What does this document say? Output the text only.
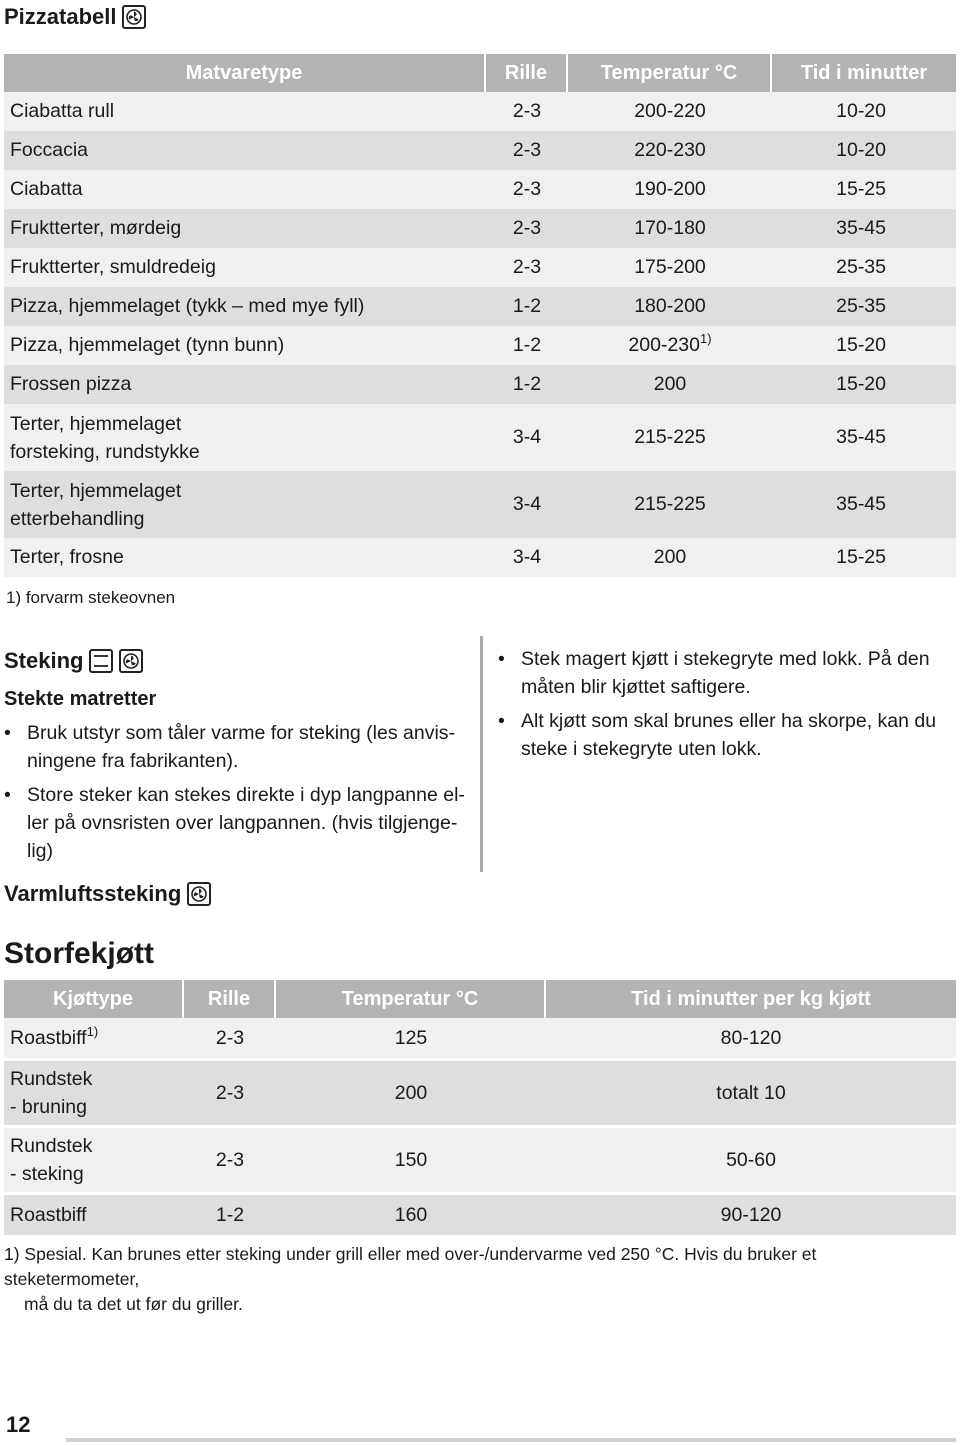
Pizzatabell
Matvaretype	Rille	Temperatur °C	Tid i minutter
Ciabatta rull	2-3	200-220	10-20
Foccacia	2-3	220-230	10-20
Ciabatta	2-3	190-200	15-25
Fruktterter, mørdeig	2-3	170-180	35-45
Fruktterter, smuldredeig	2-3	175-200	25-35
Pizza, hjemmelaget (tykk – med mye fyll)	1-2	180-200	25-35
Pizza, hjemmelaget (tynn bunn)	1-2	200-230$^{1)}$	15-20
Frossen pizza	1-2	200	15-20
Terter, hjemmelaget
forsteking, rundstykke	3-4	215-225	35-45
Terter, hjemmelaget
etterbehandling	3-4	215-225	35-45
Terter, frosne	3-4	200	15-25
1) forvarm stekeovnen
Steking
Stekte matretter
• Bruk utstyr som tåler varme for steking (les anvis-
ningene fra fabrikanten).
• Store steker kan stekes direkte i dyp langpanne el-
ler på ovnsristen over langpannen. (hvis tilgjenge-
lig)
• Stek magert kjøtt i stekegryte med lokk. På den
måten blir kjøttet saftigere.
• Alt kjøtt som skal brunes eller ha skorpe, kan du
steke i stekegryte uten lokk.
Varmluftssteking
Storfekjøtt
Kjøttype	Rille	Temperatur °C	Tid i minutter per kg kjøtt
Roastbiff$^{1)}$	2-3	125	80-120
Rundstek
- bruning	2-3	200	totalt 10
Rundstek
- steking	2-3	150	50-60
Roastbiff	1-2	160	90-120
1) Spesial. Kan brunes etter steking under grill eller med over-/undervarme ved 250 °C. Hvis du bruker et steketermometer,
må du ta det ut før du griller.
12
